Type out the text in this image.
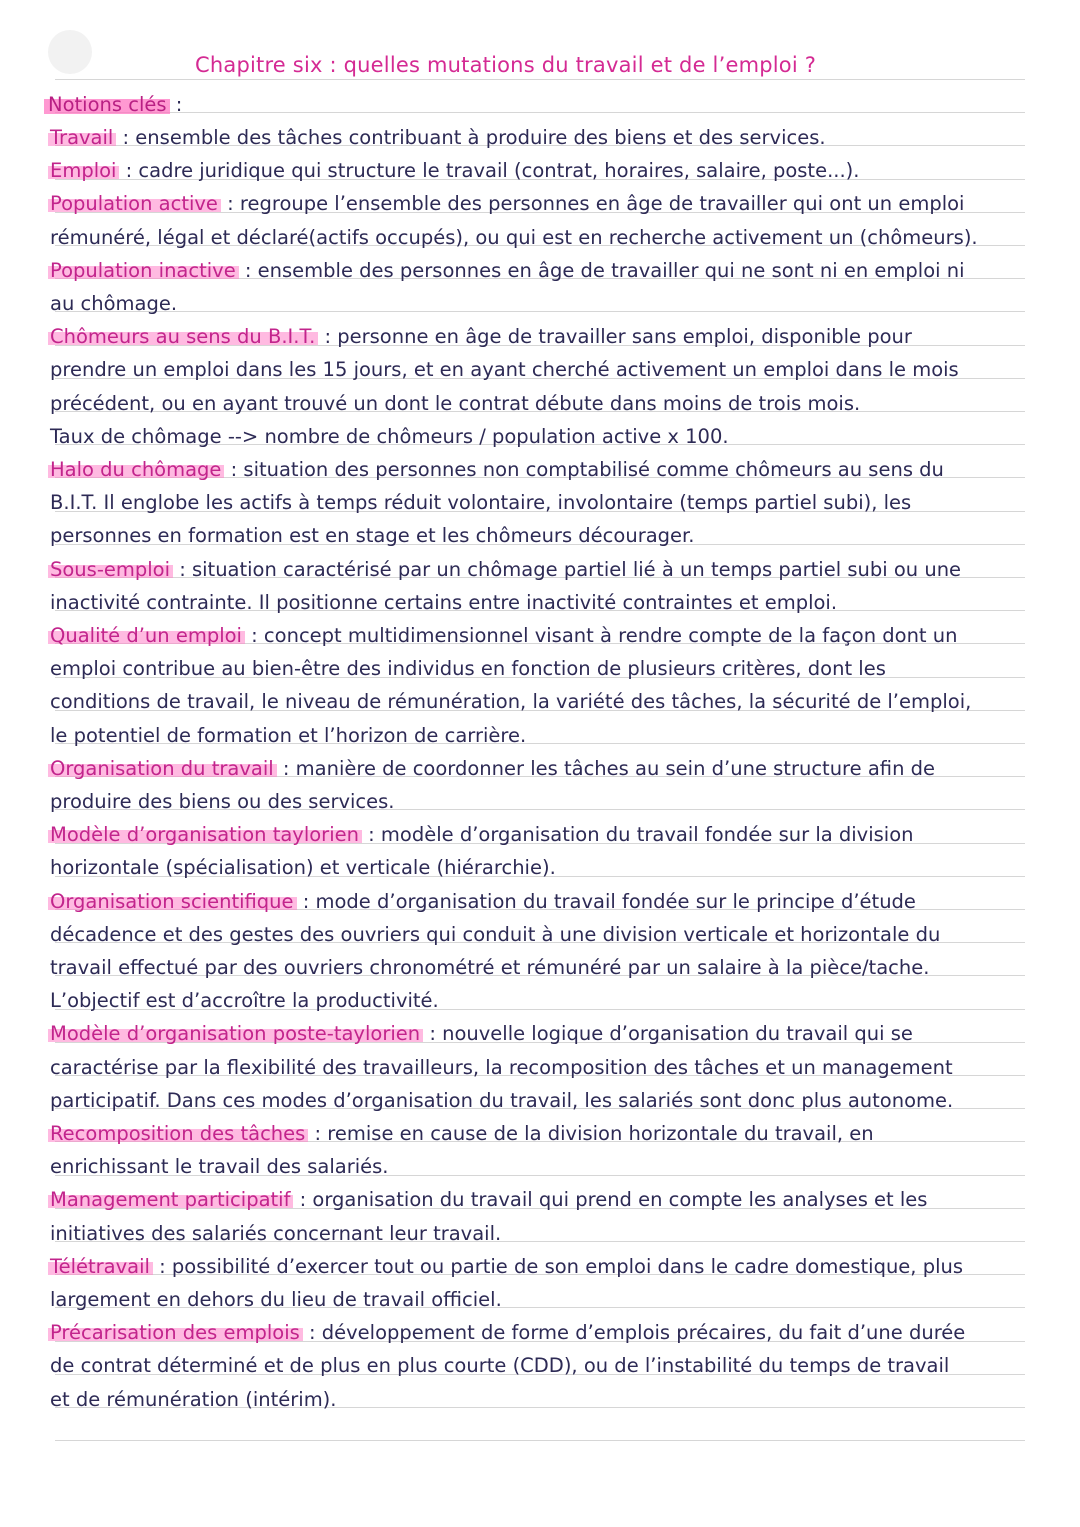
Chapitre six : quelles mutations du travail et de l’emploi ?
Notions clés :
Travail : ensemble des tâches contribuant à produire des biens et des services.
Emploi : cadre juridique qui structure le travail (contrat, horaires, salaire, poste...).
Population active : regroupe l’ensemble des personnes en âge de travailler qui ont un emploi
rémunéré, légal et déclaré(actifs occupés), ou qui est en recherche activement un (chômeurs).
Population inactive : ensemble des personnes en âge de travailler qui ne sont ni en emploi ni
au chômage.
Chômeurs au sens du B.I.T. : personne en âge de travailler sans emploi, disponible pour
prendre un emploi dans les 15 jours, et en ayant cherché activement un emploi dans le mois
précédent, ou en ayant trouvé un dont le contrat débute dans moins de trois mois.
Taux de chômage --> nombre de chômeurs / population active x 100.
Halo du chômage : situation des personnes non comptabilisé comme chômeurs au sens du
B.I.T. Il englobe les actifs à temps réduit volontaire, involontaire (temps partiel subi), les
personnes en formation est en stage et les chômeurs décourager.
Sous-emploi : situation caractérisé par un chômage partiel lié à un temps partiel subi ou une
inactivité contrainte. Il positionne certains entre inactivité contraintes et emploi.
Qualité d’un emploi : concept multidimensionnel visant à rendre compte de la façon dont un
emploi contribue au bien-être des individus en fonction de plusieurs critères, dont les
conditions de travail, le niveau de rémunération, la variété des tâches, la sécurité de l’emploi,
le potentiel de formation et l’horizon de carrière.
Organisation du travail : manière de coordonner les tâches au sein d’une structure afin de
produire des biens ou des services.
Modèle d’organisation taylorien : modèle d’organisation du travail fondée sur la division
horizontale (spécialisation) et verticale (hiérarchie).
Organisation scientifique : mode d’organisation du travail fondée sur le principe d’étude
décadence et des gestes des ouvriers qui conduit à une division verticale et horizontale du
travail effectué par des ouvriers chronométré et rémunéré par un salaire à la pièce/tache.
L’objectif est d’accroître la productivité.
Modèle d’organisation poste-taylorien : nouvelle logique d’organisation du travail qui se
caractérise par la flexibilité des travailleurs, la recomposition des tâches et un management
participatif. Dans ces modes d’organisation du travail, les salariés sont donc plus autonome.
Recomposition des tâches : remise en cause de la division horizontale du travail, en
enrichissant le travail des salariés.
Management participatif : organisation du travail qui prend en compte les analyses et les
initiatives des salariés concernant leur travail.
Télétravail : possibilité d’exercer tout ou partie de son emploi dans le cadre domestique, plus
largement en dehors du lieu de travail officiel.
Précarisation des emplois : développement de forme d’emplois précaires, du fait d’une durée
de contrat déterminé et de plus en plus courte (CDD), ou de l’instabilité du temps de travail
et de rémunération (intérim).
